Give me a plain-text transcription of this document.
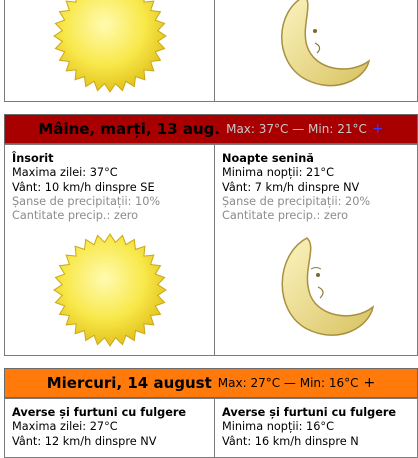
Mâine, marți, 13 aug. Max: 37°C — Min: 21°C +
Însorit
Maxima zilei: 37°C
Vânt: 10 km/h dinspre SE
Șanse de precipitații: 10%
Cantitate precip.: zero
Noapte senină
Minima nopții: 21°C
Vânt: 7 km/h dinspre NV
Șanse de precipitații: 20%
Cantitate precip.: zero
Miercuri, 14 august Max: 27°C — Min: 16°C +
Averse și furtuni cu fulgere
Maxima zilei: 27°C
Vânt: 12 km/h dinspre NV
Averse și furtuni cu fulgere
Minima nopții: 16°C
Vânt: 16 km/h dinspre N
